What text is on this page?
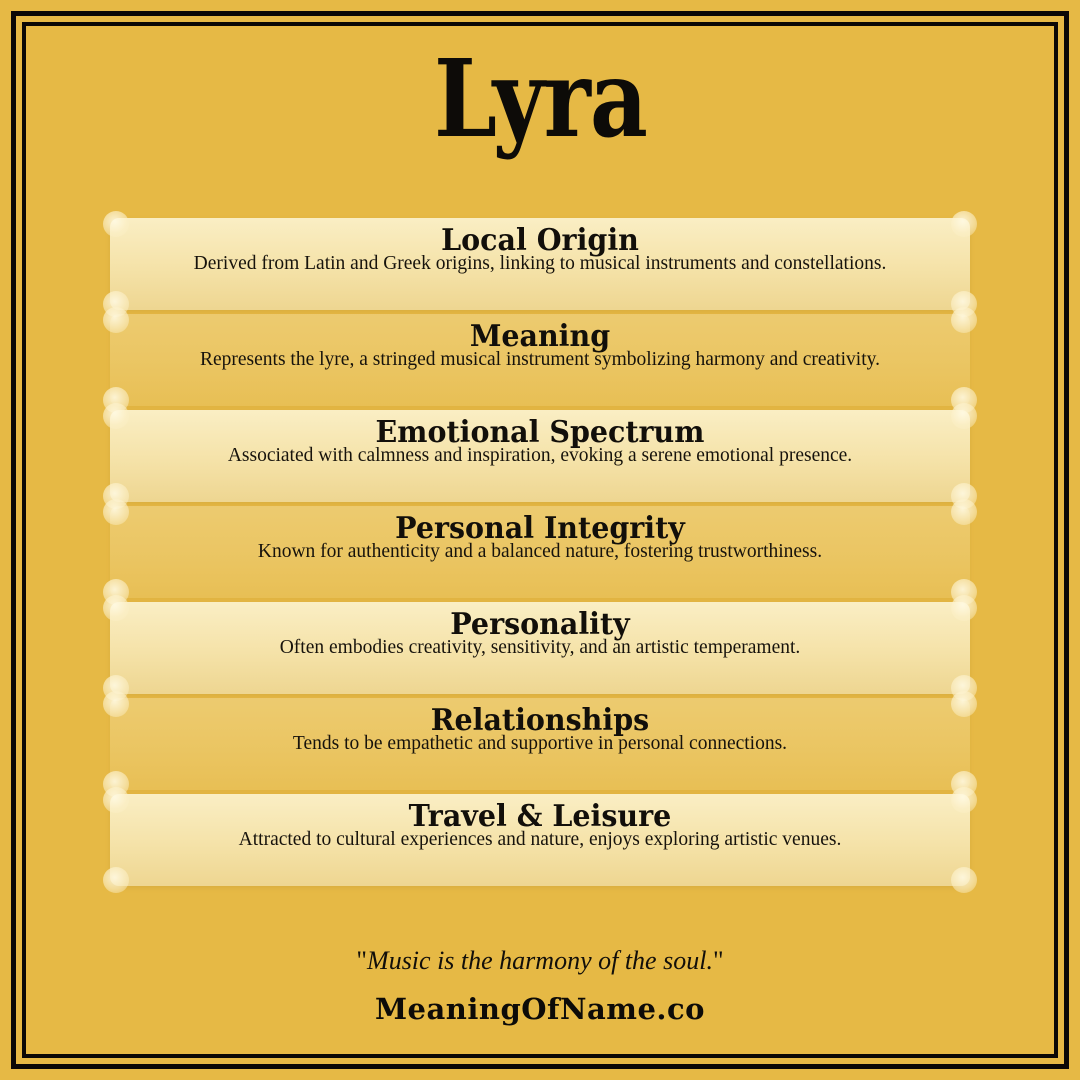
Lyra
Local Origin
Derived from Latin and Greek origins, linking to musical instruments and constellations.
Meaning
Represents the lyre, a stringed musical instrument symbolizing harmony and creativity.
Emotional Spectrum
Associated with calmness and inspiration, evoking a serene emotional presence.
Personal Integrity
Known for authenticity and a balanced nature, fostering trustworthiness.
Personality
Often embodies creativity, sensitivity, and an artistic temperament.
Relationships
Tends to be empathetic and supportive in personal connections.
Travel & Leisure
Attracted to cultural experiences and nature, enjoys exploring artistic venues.
"Music is the harmony of the soul."
MeaningOfName.co
